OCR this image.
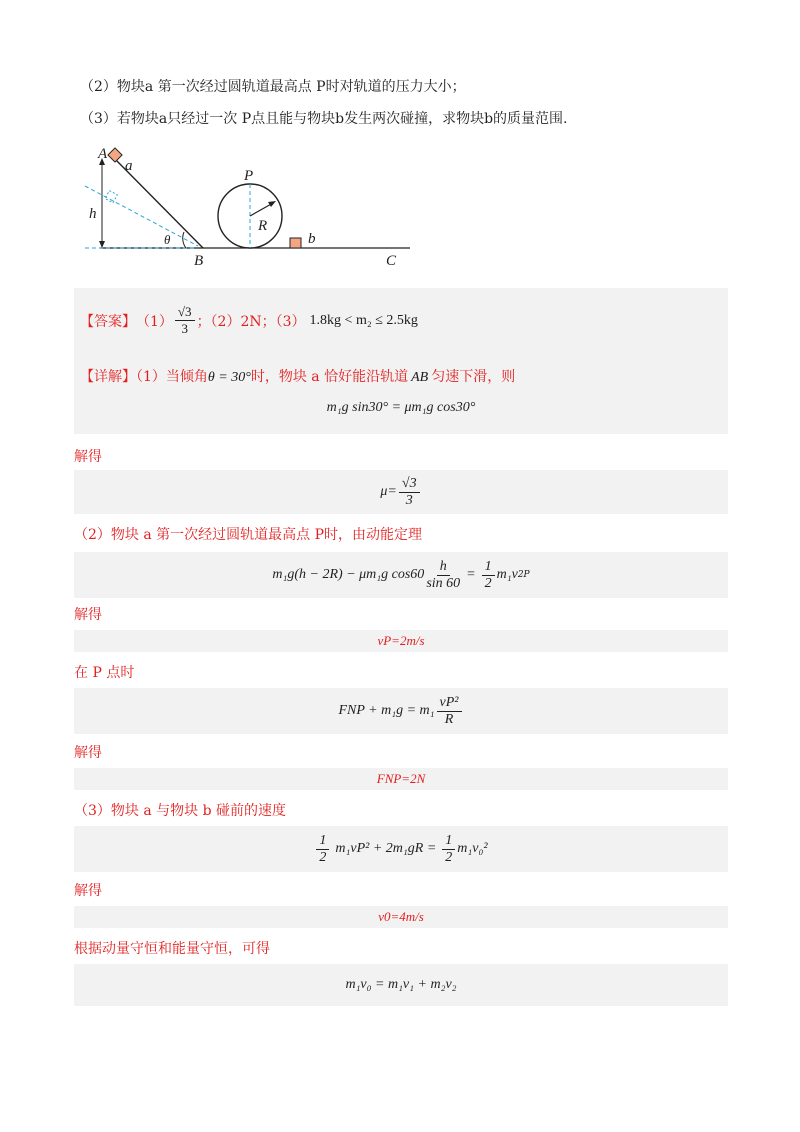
（2）物块a 第一次经过圆轨道最高点 P时对轨道的压力大小；
（3）若物块a只经过一次 P点且能与物块b发生两次碰撞，求物块b的质量范围.
A
a
h
θ
B
P
R
b
C
【答案】 $(1) \frac{√3}{3}$ ；（2）2N；（3） 1.8kg < m₂ ≤ 2.5kg
【详解】（1）当倾角θ = 30°时，物块 a 恰好能沿轨道 AB 匀速下滑，则
m₁g sin30° = μm₁g cos30°
解得
$\mu= \frac{√3}{3}$
（2）物块 a 第一次经过圆轨道最高点 P时，由动能定理
m₁g(h − 2R) − μm₁g $\cos 60 \frac{h}{\sin 60} = \frac{1}{2} m_1v$ 2 P
解得
vP=2m/s
在 P 点时
FNP + $m_1g = m_1 \frac{\text{vP²}}{R}$
解得
FNP=2N
（3）物块 a 与物块 b 碰前的速度
$\frac{1}{2} m_1vP^2 + 2m_1gR = \frac{1}{2} m_1v_0^2$
解得
v0=4m/s
根据动量守恒和能量守恒，可得
m₁v₀ = m₁v₁ + m₂v₂
